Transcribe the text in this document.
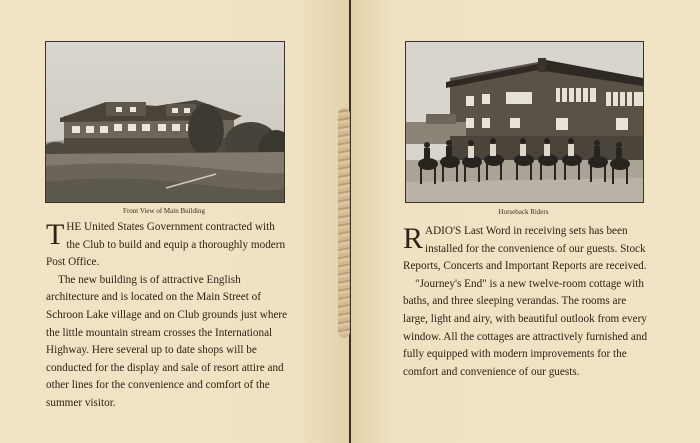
Front View of Main Building

THE United States Government contracted with the Club to build and equip a thoroughly modern Post Office.

The new building is of attractive English architecture and is located on the Main Street of Schroon Lake village and on Club grounds just where the little mountain stream crosses the International Highway. Here several up to date shops will be conducted for the display and sale of resort attire and other lines for the convenience and comfort of the summer visitor.

Horseback Riders

RADIO'S Last Word in receiving sets has been installed for the convenience of our guests. Stock Reports, Concerts and Important Reports are received.

"Journey's End" is a new twelve-room cottage with baths, and three sleeping verandas. The rooms are large, light and airy, with beautiful outlook from every window. All the cottages are attractively furnished and fully equipped with modern improvements for the comfort and convenience of our guests.
